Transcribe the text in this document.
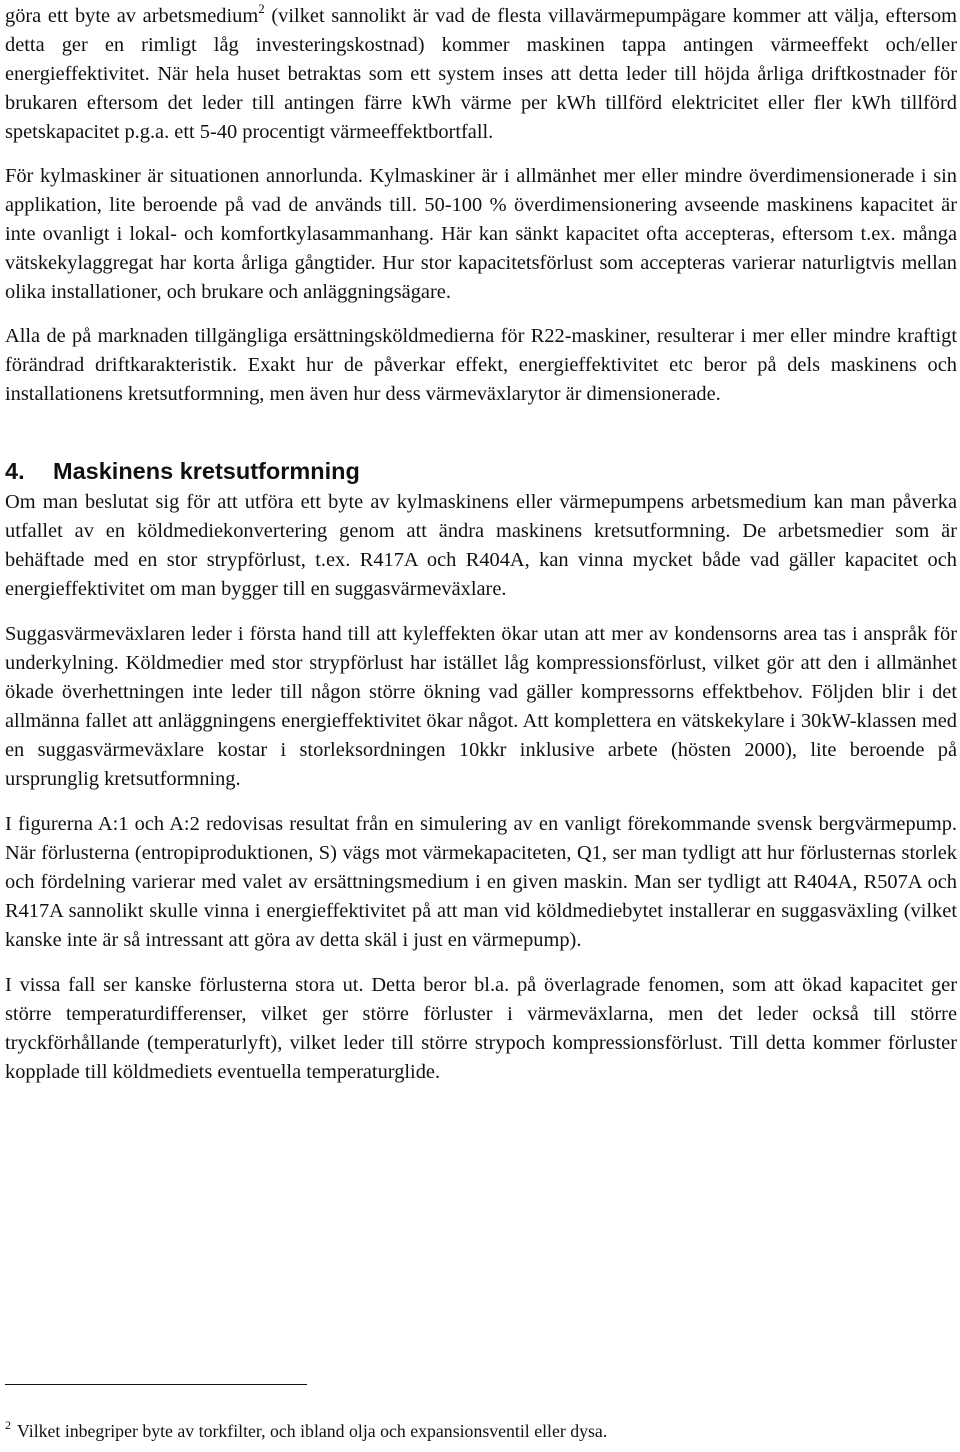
göra ett byte av arbetsmedium$^2$ (vilket sannolikt är vad de flesta villavärmepumpägare kommer att välja, eftersom detta ger en rimligt låg investeringskostnad) kommer maskinen tappa antingen värmeeffekt och/eller energieffektivitet. När hela huset betraktas som ett system inses att detta leder till höjda årliga driftkostnader för brukaren eftersom det leder till antingen färre kWh värme per kWh tillförd elektricitet eller fler kWh tillförd spetskapacitet p.g.a. ett 5-40 procentigt värmeeffektbortfall.

För kylmaskiner är situationen annorlunda. Kylmaskiner är i allmänhet mer eller mindre överdimensionerade i sin applikation, lite beroende på vad de används till. 50-100 % överdimensionering avseende maskinens kapacitet är inte ovanligt i lokal- och komfortkylasammanhang. Här kan sänkt kapacitet ofta accepteras, eftersom t.ex. många vätskekylaggregat har korta årliga gångtider. Hur stor kapacitetsförlust som accepteras varierar naturligtvis mellan olika installationer, och brukare och anläggningsägare.

Alla de på marknaden tillgängliga ersättningsköldmedierna för R22-maskiner, resulterar i mer eller mindre kraftigt förändrad driftkarakteristik. Exakt hur de påverkar effekt, energieffektivitet etc beror på dels maskinens och installationens kretsutformning, men även hur dess värmeväxlarytor är dimensionerade.

4. Maskinens kretsutformning

Om man beslutat sig för att utföra ett byte av kylmaskinens eller värmepumpens arbetsmedium kan man påverka utfallet av en köldmediekonvertering genom att ändra maskinens kretsutformning. De arbetsmedier som är behäftade med en stor strypförlust, t.ex. R417A och R404A, kan vinna mycket både vad gäller kapacitet och energieffektivitet om man bygger till en suggasvärmeväxlare.

Suggasvärmeväxlaren leder i första hand till att kyleffekten ökar utan att mer av kondensorns area tas i anspråk för underkylning. Köldmedier med stor strypförlust har istället låg kompressionsförlust, vilket gör att den i allmänhet ökade överhettningen inte leder till någon större ökning vad gäller kompressorns effektbehov. Följden blir i det allmänna fallet att anläggningens energieffektivitet ökar något. Att komplettera en vätskekylare i 30kW-klassen med en suggasvärmeväxlare kostar i storleksordningen 10kkr inklusive arbete (hösten 2000), lite beroende på ursprunglig kretsutformning.

I figurerna A:1 och A:2 redovisas resultat från en simulering av en vanligt förekommande svensk bergvärmepump. När förlusterna (entropiproduktionen, S) vägs mot värmekapaciteten, Q1, ser man tydligt att hur förlusternas storlek och fördelning varierar med valet av ersättningsmedium i en given maskin. Man ser tydligt att R404A, R507A och R417A sannolikt skulle vinna i energieffektivitet på att man vid köldmediebytet installerar en suggasväxling (vilket kanske inte är så intressant att göra av detta skäl i just en värmepump).

I vissa fall ser kanske förlusterna stora ut. Detta beror bl.a. på överlagrade fenomen, som att ökad kapacitet ger större temperaturdifferenser, vilket ger större förluster i värmeväxlarna, men det leder också till större tryckförhållande (temperaturlyft), vilket leder till större strypoch kompressionsförlust. Till detta kommer förluster kopplade till köldmediets eventuella temperaturglide.

$^2$ Vilket inbegriper byte av torkfilter, och ibland olja och expansionsventil eller dysa.
